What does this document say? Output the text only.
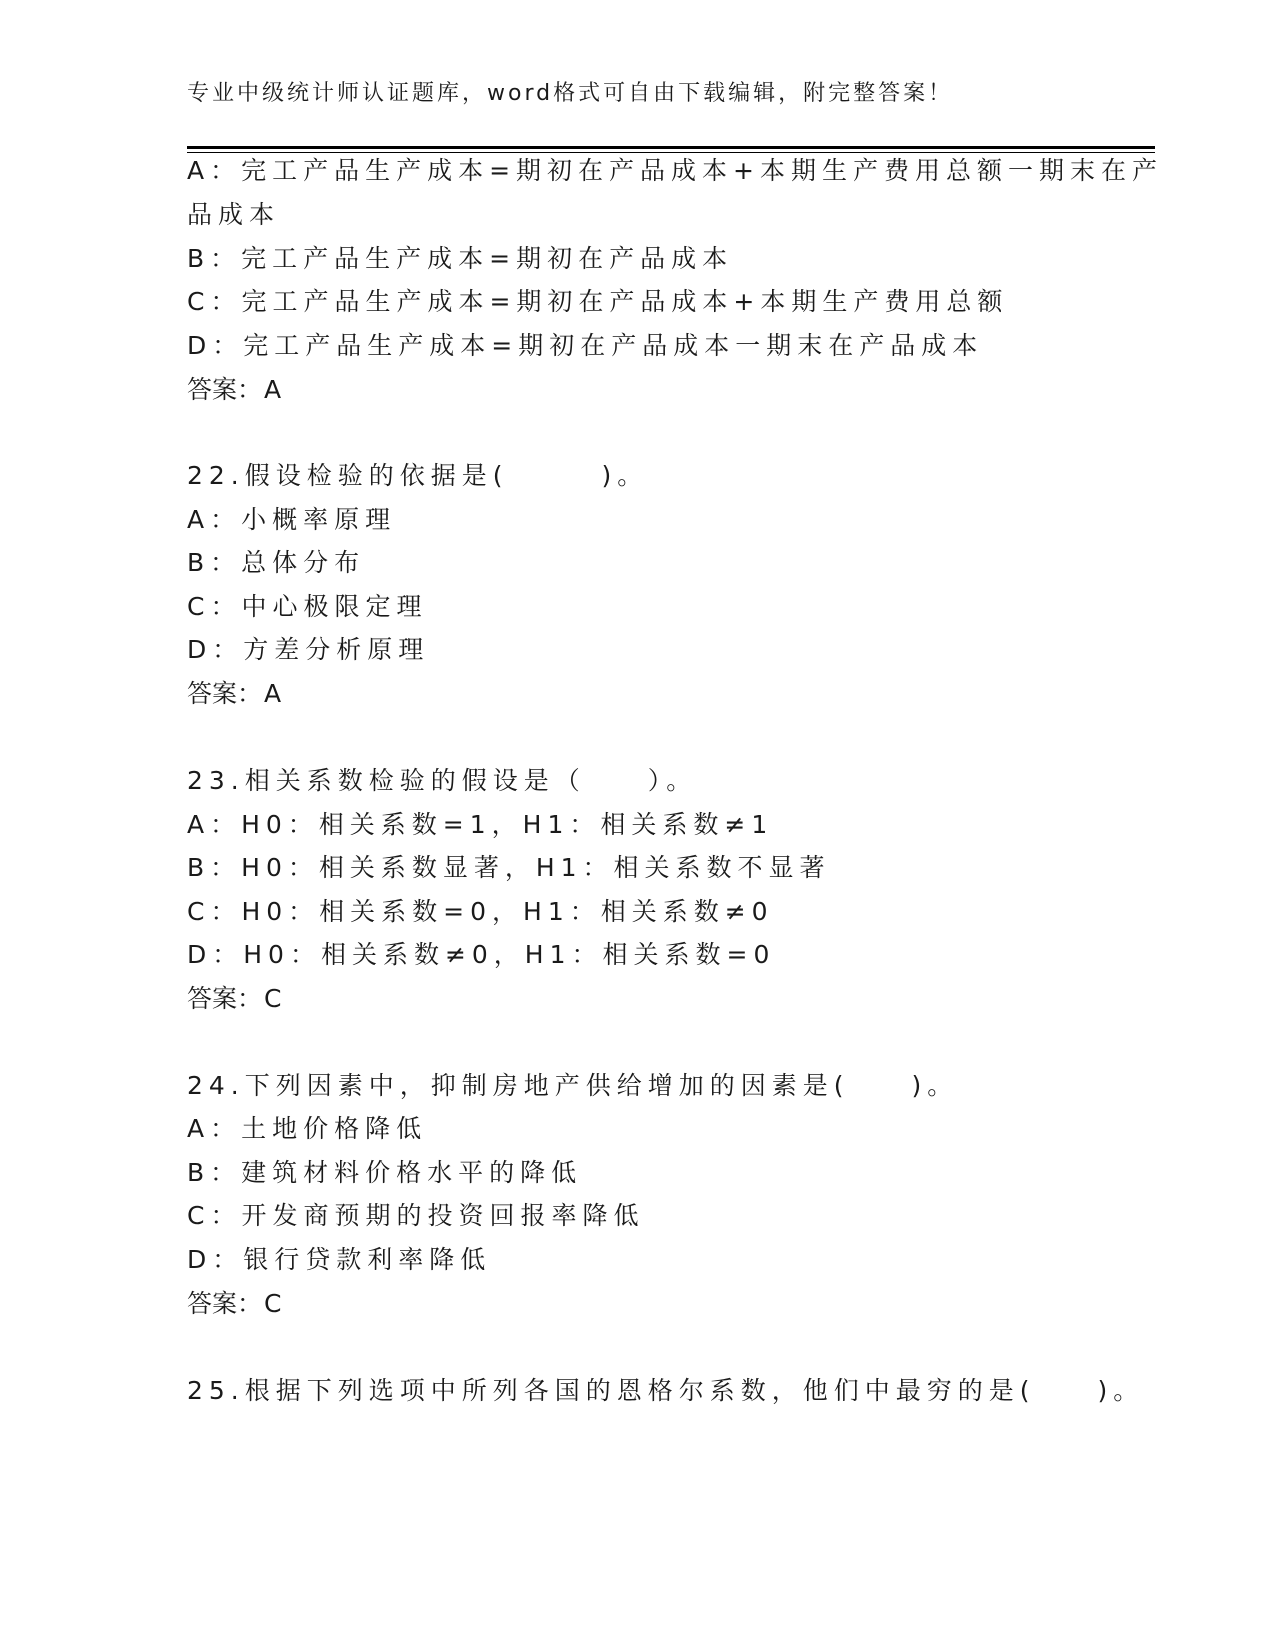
专业中级统计师认证题库，word格式可自由下载编辑，附完整答案！
A：完工产品生产成本=期初在产品成本+本期生产费用总额一期末在产
品成本
B：完工产品生产成本=期初在产品成本
C：完工产品生产成本=期初在产品成本+本期生产费用总额
D：完工产品生产成本=期初在产品成本一期末在产品成本
答案：A
22.假设检验的依据是(　　　)。
A：小概率原理
B：总体分布
C：中心极限定理
D：方差分析原理
答案：A
23.相关系数检验的假设是（　　）。
A：H0：相关系数=1，H1：相关系数≠1
B：H0：相关系数显著，H1：相关系数不显著
C：H0：相关系数=0，H1：相关系数≠0
D：H0：相关系数≠0，H1：相关系数=0
答案：C
24.下列因素中，抑制房地产供给增加的因素是(　　)。
A：土地价格降低
B：建筑材料价格水平的降低
C：开发商预期的投资回报率降低
D：银行贷款利率降低
答案：C
25.根据下列选项中所列各国的恩格尔系数，他们中最穷的是(　　)。
